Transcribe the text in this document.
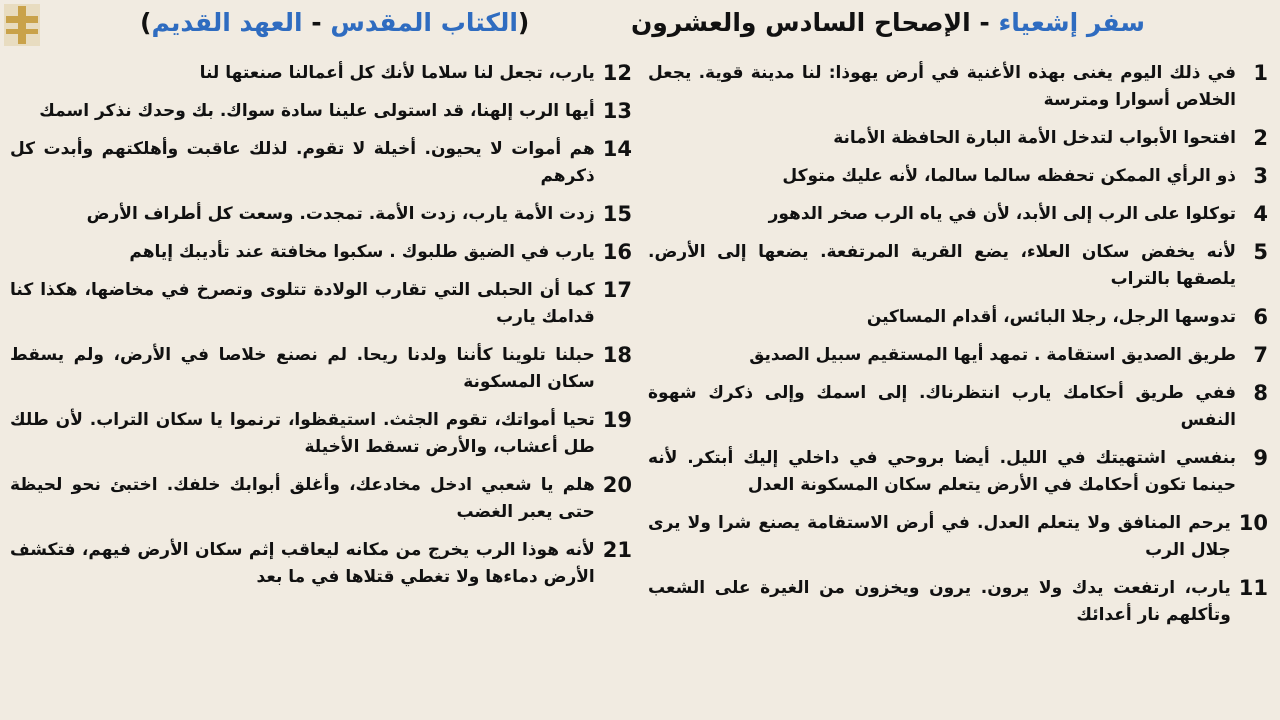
(الكتاب المقدس - العهد القديم)	سفر إشعياء - الإصحاح السادس والعشرون
1
في ذلك اليوم يغنى بهذه الأغنية في أرض يهوذا: لنا مدينة قوية. يجعل الخلاص أسوارا ومترسة
2
افتحوا الأبواب لتدخل الأمة البارة الحافظة الأمانة
3
ذو الرأي الممكن تحفظه سالما سالما، لأنه عليك متوكل
4
توكلوا على الرب إلى الأبد، لأن في ياه الرب صخر الدهور
5
لأنه يخفض سكان العلاء، يضع القرية المرتفعة. يضعها إلى الأرض. يلصقها بالتراب
6
تدوسها الرجل، رجلا البائس، أقدام المساكين
7
طريق الصديق استقامة . تمهد أيها المستقيم سبيل الصديق
8
ففي طريق أحكامك يارب انتظرناك. إلى اسمك وإلى ذكرك شهوة النفس
9
بنفسي اشتهيتك في الليل. أيضا بروحي في داخلي إليك أبتكر. لأنه حينما تكون أحكامك في الأرض يتعلم سكان المسكونة العدل
10
يرحم المنافق ولا يتعلم العدل. في أرض الاستقامة يصنع شرا ولا يرى جلال الرب
11
يارب، ارتفعت يدك ولا يرون. يرون ويخزون من الغيرة على الشعب وتأكلهم نار أعدائك
12
يارب، تجعل لنا سلاما لأنك كل أعمالنا صنعتها لنا
13
أيها الرب إلهنا، قد استولى علينا سادة سواك. بك وحدك نذكر اسمك
14
هم أموات لا يحيون. أخيلة لا تقوم. لذلك عاقبت وأهلكتهم وأبدت كل ذكرهم
15
زدت الأمة يارب، زدت الأمة. تمجدت. وسعت كل أطراف الأرض
16
يارب في الضيق طلبوك . سكبوا مخافتة عند تأديبك إياهم
17
كما أن الحبلى التي تقارب الولادة تتلوى وتصرخ في مخاضها، هكذا كنا قدامك يارب
18
حبلنا تلوينا كأننا ولدنا ريحا. لم نصنع خلاصا في الأرض، ولم يسقط سكان المسكونة
19
تحيا أمواتك، تقوم الجثث. استيقظوا، ترنموا يا سكان التراب. لأن طلك طل أعشاب، والأرض تسقط الأخيلة
20
هلم يا شعبي ادخل مخادعك، وأغلق أبوابك خلفك. اختبئ نحو لحيظة حتى يعبر الغضب
21
لأنه هوذا الرب يخرج من مكانه ليعاقب إثم سكان الأرض فيهم، فتكشف الأرض دماءها ولا تغطي قتلاها في ما بعد
